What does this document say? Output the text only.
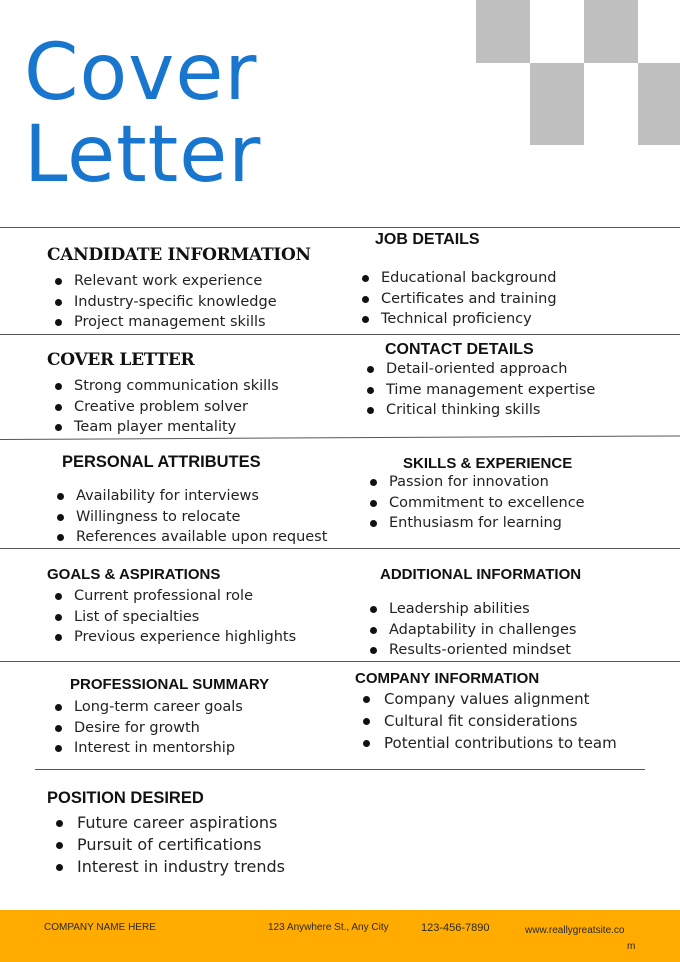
Cover
Letter
CANDIDATE INFORMATION
Relevant work experience
Industry-specific knowledge
Project management skills
JOB DETAILS
Educational background
Certificates and training
Technical proficiency
COVER LETTER
Strong communication skills
Creative problem solver
Team player mentality
CONTACT DETAILS
Detail-oriented approach
Time management expertise
Critical thinking skills
PERSONAL ATTRIBUTES
Availability for interviews
Willingness to relocate
References available upon request
SKILLS & EXPERIENCE
Passion for innovation
Commitment to excellence
Enthusiasm for learning
GOALS & ASPIRATIONS
Current professional role
List of specialties
Previous experience highlights
ADDITIONAL INFORMATION
Leadership abilities
Adaptability in challenges
Results-oriented mindset
PROFESSIONAL SUMMARY
Long-term career goals
Desire for growth
Interest in mentorship
COMPANY INFORMATION
Company values alignment
Cultural fit considerations
Potential contributions to team
POSITION DESIRED
Future career aspirations
Pursuit of certifications
Interest in industry trends
COMPANY NAME HERE	123 Anywhere St., Any City	123-456-7890	www.reallygreatsite.co
m
